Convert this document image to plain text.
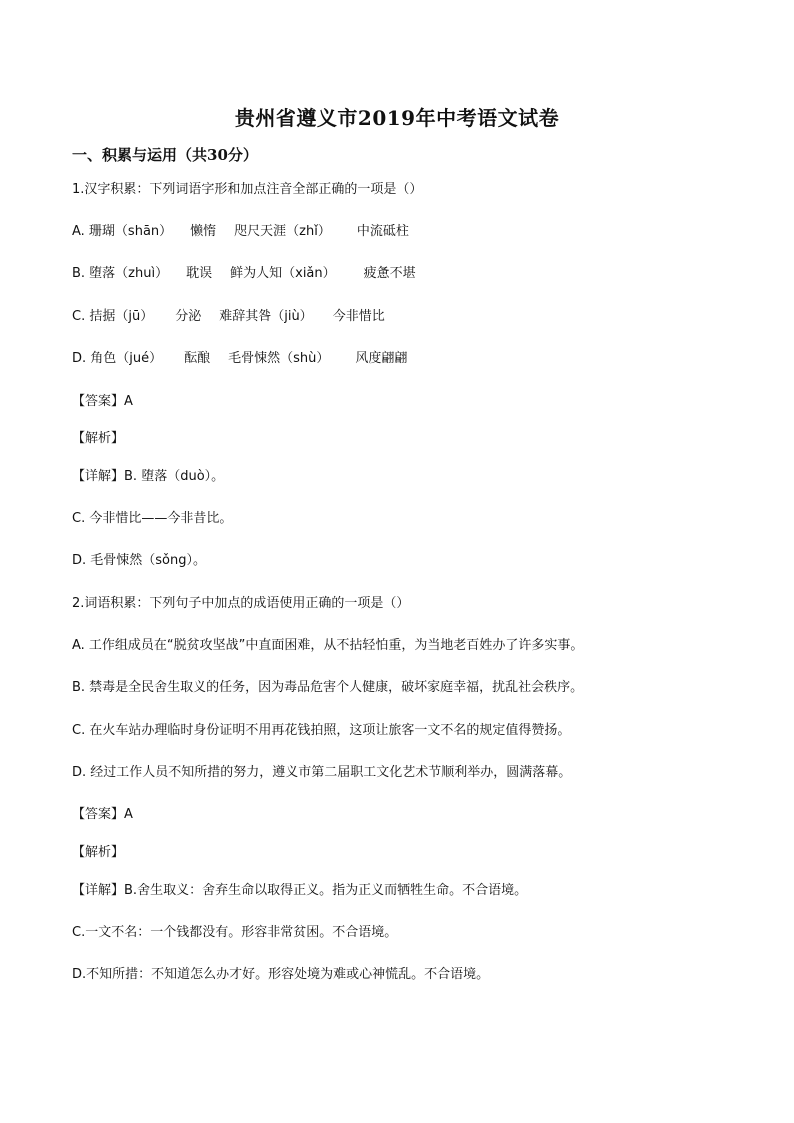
贵州省遵义市2019年中考语文试卷
一、积累与运用（共30分）
1.汉字积累：下列词语字形和加点注音全部正确的一项是（）
A. 珊瑚（shān） 懒惰 咫尺天涯（zhǐ） 中流砥柱
B. 堕落（zhuì） 耽误 鲜为人知（xiǎn） 疲惫不堪
C. 拮据（jū） 分泌 难辞其咎（jiù） 今非惜比
D. 角色（jué） 酝酿 毛骨悚然（shù） 风度翩翩
【答案】A
【解析】
【详解】B. 堕落（duò）。
C. 今非惜比——今非昔比。
D. 毛骨悚然（sǒng）。
2.词语积累：下列句子中加点的成语使用正确的一项是（）
A. 工作组成员在“脱贫攻坚战”中直面困难，从不拈轻怕重，为当地老百姓办了许多实事。
B. 禁毒是全民舍生取义的任务，因为毒品危害个人健康，破坏家庭幸福，扰乱社会秩序。
C. 在火车站办理临时身份证明不用再花钱拍照，这项让旅客一文不名的规定值得赞扬。
D. 经过工作人员不知所措的努力，遵义市第二届职工文化艺术节顺利举办，圆满落幕。
【答案】A
【解析】
【详解】B.舍生取义：舍弃生命以取得正义。指为正义而牺牲生命。不合语境。
C.一文不名：一个钱都没有。形容非常贫困。不合语境。
D.不知所措：不知道怎么办才好。形容处境为难或心神慌乱。不合语境。
